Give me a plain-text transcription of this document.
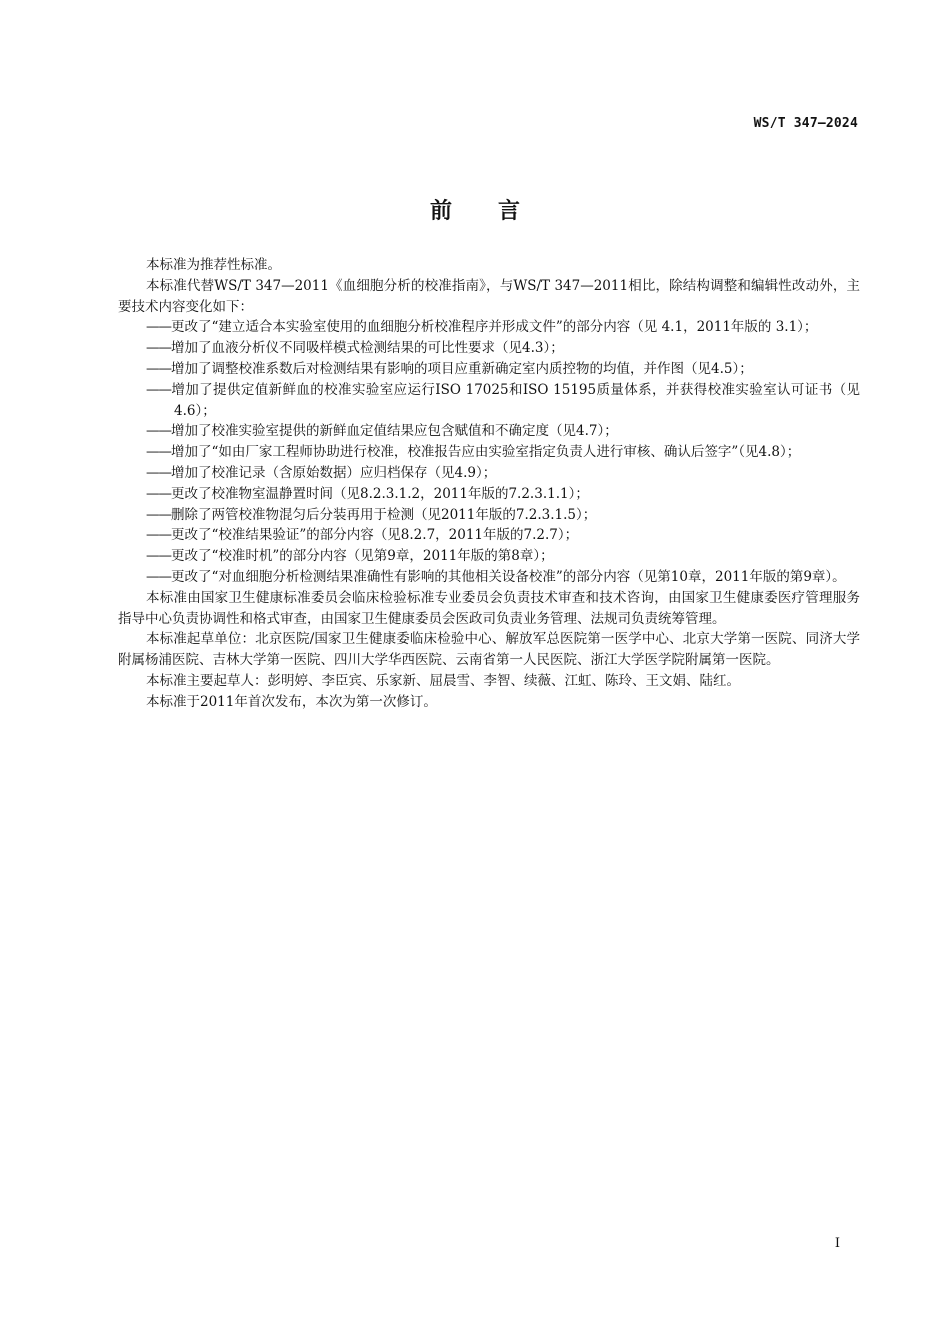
WS/T 347—2024
前言

本标准为推荐性标准。

本标准代替WS/T 347—2011《血细胞分析的校准指南》，与WS/T 347—2011相比，除结构调整和编辑性改动外，主要技术内容变化如下：

——更改了“建立适合本实验室使用的血细胞分析校准程序并形成文件”的部分内容（见 4.1，2011年版的 3.1）；

——增加了血液分析仪不同吸样模式检测结果的可比性要求（见4.3）；

——增加了调整校准系数后对检测结果有影响的项目应重新确定室内质控物的均值，并作图（见4.5）；

——增加了提供定值新鲜血的校准实验室应运行ISO 17025和ISO 15195质量体系，并获得校准实验室认可证书（见4.6）；

——增加了校准实验室提供的新鲜血定值结果应包含赋值和不确定度（见4.7）；

——增加了“如由厂家工程师协助进行校准，校准报告应由实验室指定负责人进行审核、确认后签字”（见4.8）；

——增加了校准记录（含原始数据）应归档保存（见4.9）；

——更改了校准物室温静置时间（见8.2.3.1.2，2011年版的7.2.3.1.1）；

——删除了两管校准物混匀后分装再用于检测（见2011年版的7.2.3.1.5）；

——更改了“校准结果验证”的部分内容（见8.2.7，2011年版的7.2.7）；

——更改了“校准时机”的部分内容（见第9章，2011年版的第8章）；

——更改了“对血细胞分析检测结果准确性有影响的其他相关设备校准”的部分内容（见第10章，2011年版的第9章）。

本标准由国家卫生健康标准委员会临床检验标准专业委员会负责技术审查和技术咨询，由国家卫生健康委医疗管理服务指导中心负责协调性和格式审查，由国家卫生健康委员会医政司负责业务管理、法规司负责统筹管理。

本标准起草单位：北京医院/国家卫生健康委临床检验中心、解放军总医院第一医学中心、北京大学第一医院、同济大学附属杨浦医院、吉林大学第一医院、四川大学华西医院、云南省第一人民医院、浙江大学医学院附属第一医院。

本标准主要起草人：彭明婷、李臣宾、乐家新、屈晨雪、李智、续薇、江虹、陈玲、王文娟、陆红。

本标准于2011年首次发布，本次为第一次修订。

I
